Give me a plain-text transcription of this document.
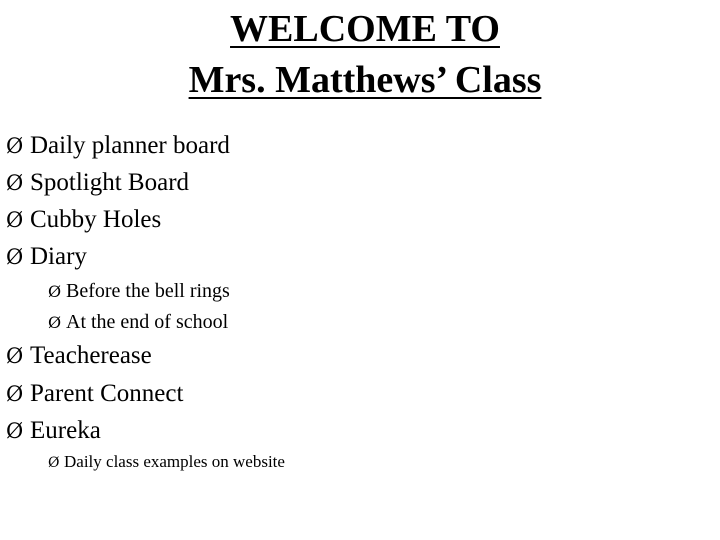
WELCOME TO
Mrs. Matthews’ Class
Ø Daily planner board
Ø Spotlight Board
Ø Cubby Holes
Ø Diary
Ø Before the bell rings
Ø At the end of school
Ø Teacherease
Ø Parent Connect
Ø Eureka
Ø Daily class examples on website
